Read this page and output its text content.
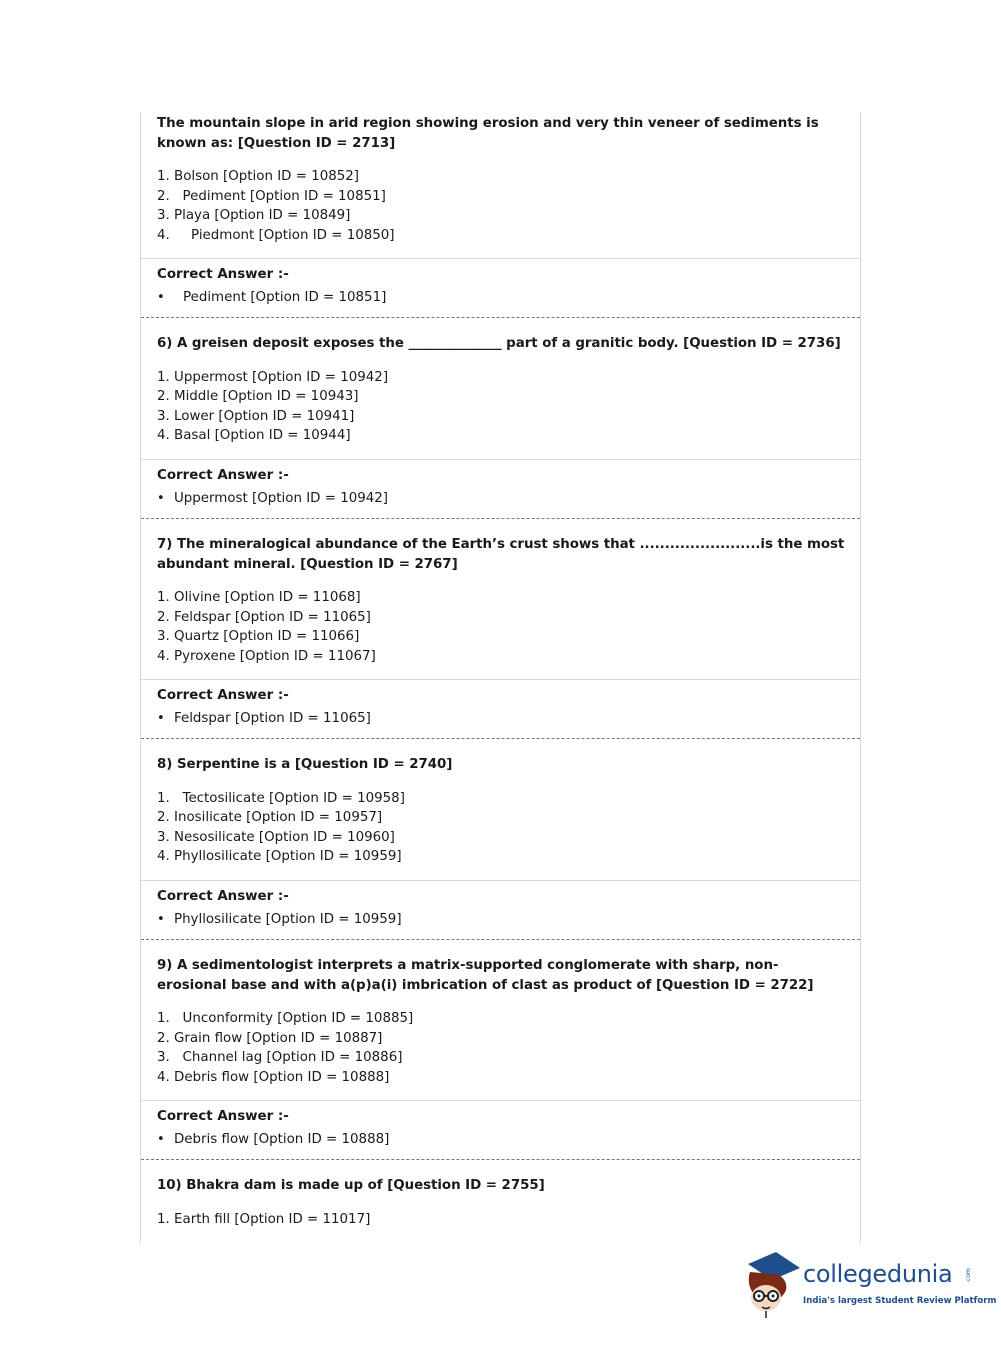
The mountain slope in arid region showing erosion and very thin veneer of sediments is known as: [Question ID = 2713]
1. Bolson [Option ID = 10852]
2.   Pediment [Option ID = 10851]
3. Playa [Option ID = 10849]
4.     Piedmont [Option ID = 10850]
Correct Answer :-
• Pediment [Option ID = 10851]
6) A greisen deposit exposes the ______________ part of a granitic body. [Question ID = 2736]
1. Uppermost [Option ID = 10942]
2. Middle [Option ID = 10943]
3. Lower [Option ID = 10941]
4. Basal [Option ID = 10944]
Correct Answer :-
• Uppermost [Option ID = 10942]
7) The mineralogical abundance of the Earth’s crust shows that ........................is the most abundant mineral. [Question ID = 2767]
1. Olivine [Option ID = 11068]
2. Feldspar [Option ID = 11065]
3. Quartz [Option ID = 11066]
4. Pyroxene [Option ID = 11067]
Correct Answer :-
• Feldspar [Option ID = 11065]
8) Serpentine is a [Question ID = 2740]
1.   Tectosilicate [Option ID = 10958]
2. Inosilicate [Option ID = 10957]
3. Nesosilicate [Option ID = 10960]
4. Phyllosilicate [Option ID = 10959]
Correct Answer :-
• Phyllosilicate [Option ID = 10959]
9) A sedimentologist interprets a matrix-supported conglomerate with sharp, non-erosional base and with a(p)a(i) imbrication of clast as product of [Question ID = 2722]
1.   Unconformity [Option ID = 10885]
2. Grain flow [Option ID = 10887]
3.   Channel lag [Option ID = 10886]
4. Debris flow [Option ID = 10888]
Correct Answer :-
• Debris flow [Option ID = 10888]
10) Bhakra dam is made up of [Question ID = 2755]
1. Earth fill [Option ID = 11017]
collegedunia .com
India's largest Student Review Platform
